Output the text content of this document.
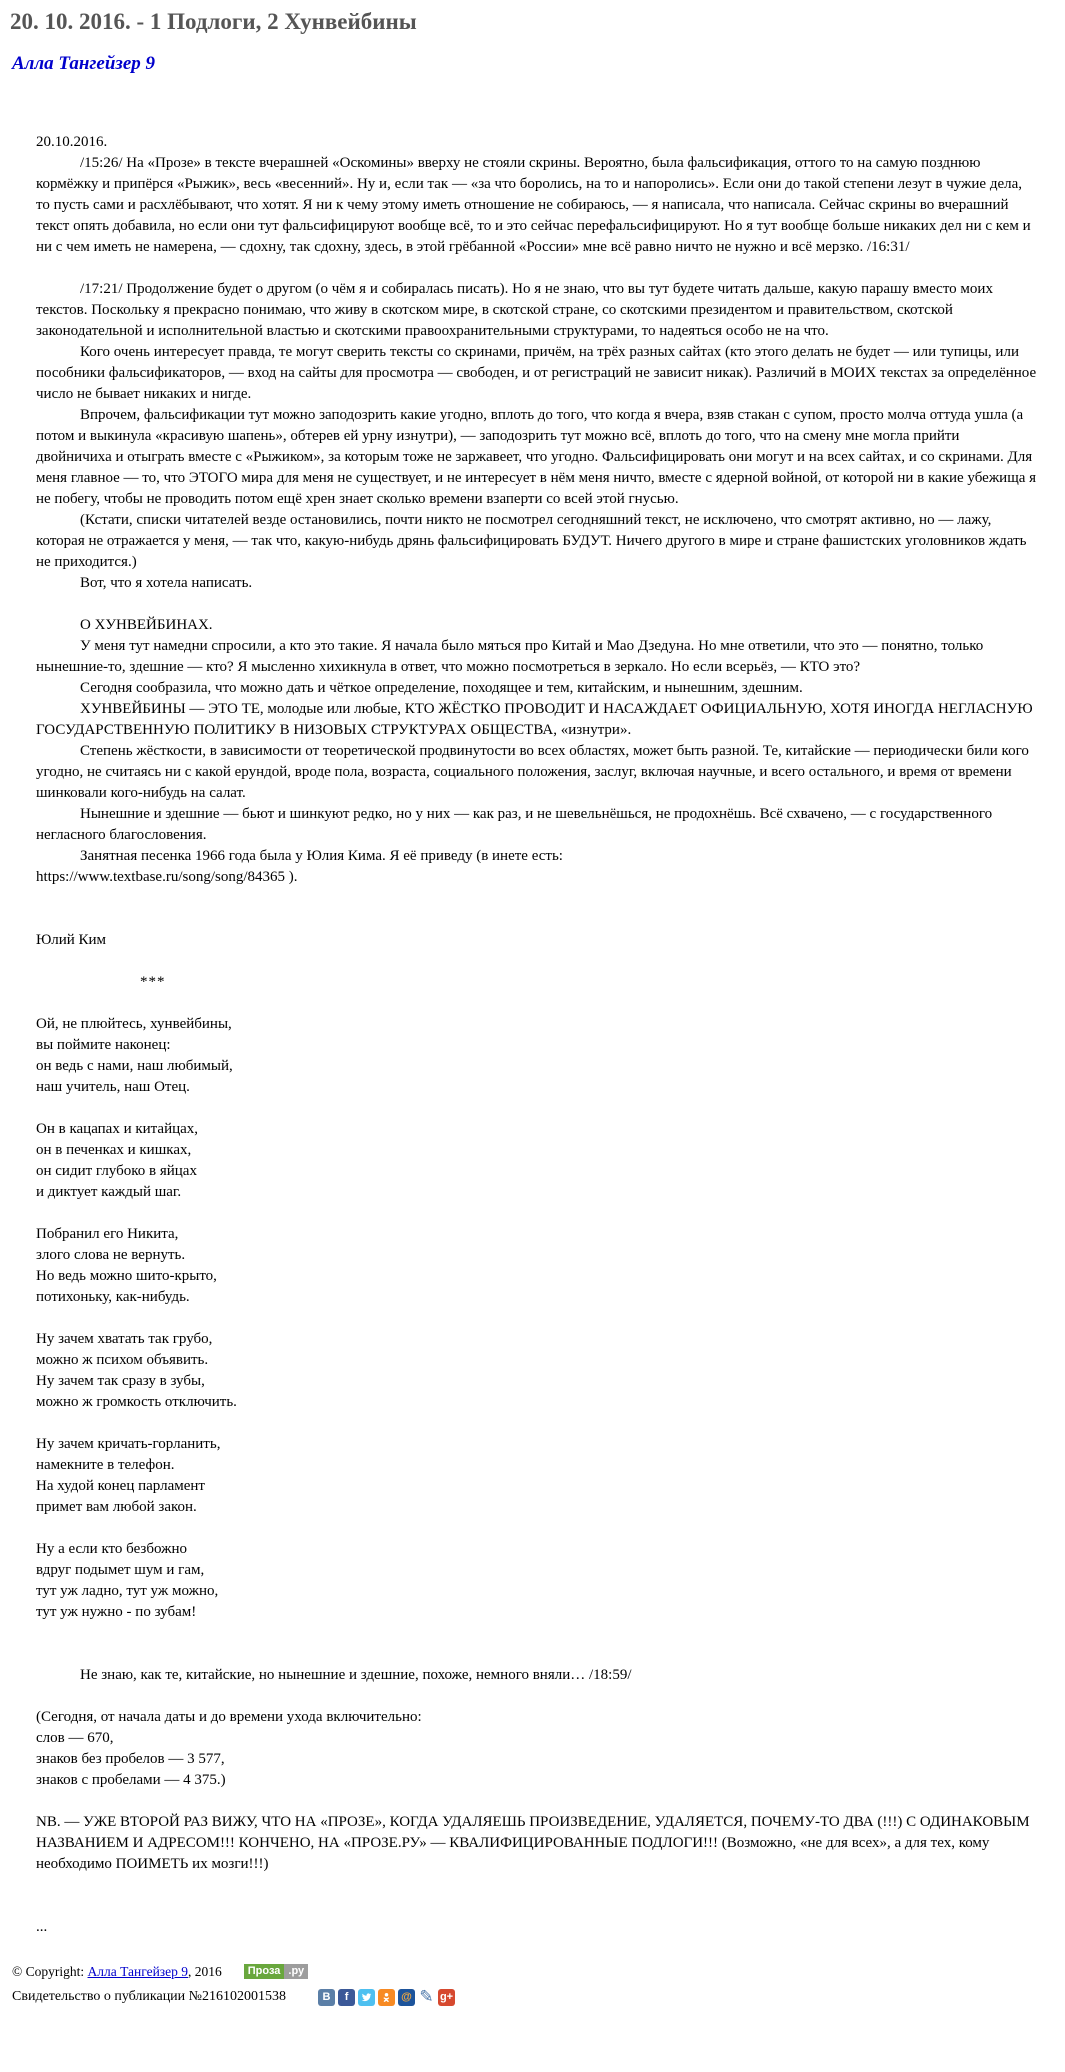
20. 10. 2016. - 1 Подлоги, 2 Хунвейбины
Алла Тангейзер 9
20.10.2016.
/15:26/ На «Прозе» в тексте вчерашней «Оскомины» вверху не стояли скрины. Вероятно, была фальсификация, оттого то на самую позднюю кормёжку и припёрся «Рыжик», весь «весенний». Ну и, если так — «за что боролись, на то и напоролись». Если они до такой степени лезут в чужие дела, то пусть сами и расхлёбывают, что хотят. Я ни к чему этому иметь отношение не собираюсь, — я написала, что написала. Сейчас скрины во вчерашний текст опять добавила, но если они тут фальсифицируют вообще всё, то и это сейчас перефальсифицируют. Но я тут вообще больше никаких дел ни с кем и ни с чем иметь не намерена, — сдохну, так сдохну, здесь, в этой грёбанной «России» мне всё равно ничто не нужно и всё мерзко. /16:31/

/17:21/ Продолжение будет о другом (о чём я и собиралась писать). Но я не знаю, что вы тут будете читать дальше, какую парашу вместо моих текстов. Поскольку я прекрасно понимаю, что живу в скотском мире, в скотской стране, со скотскими президентом и правительством, скотской законодательной и исполнительной властью и скотскими правоохранительными структурами, то надеяться особо не на что.
Кого очень интересует правда, те могут сверить тексты со скринами, причём, на трёх разных сайтах (кто этого делать не будет — или тупицы, или пособники фальсификаторов, — вход на сайты для просмотра — свободен, и от регистраций не зависит никак). Различий в МОИХ текстах за определённое число не бывает никаких и нигде.
Впрочем, фальсификации тут можно заподозрить какие угодно, вплоть до того, что когда я вчера, взяв стакан с супом, просто молча оттуда ушла (а потом и выкинула «красивую шапень», обтерев ей урну изнутри), — заподозрить тут можно всё, вплоть до того, что на смену мне могла прийти двойничиха и отыграть вместе с «Рыжиком», за которым тоже не заржавеет, что угодно. Фальсифицировать они могут и на всех сайтах, и со скринами. Для меня главное — то, что ЭТОГО мира для меня не существует, и не интересует в нём меня ничто, вместе с ядерной войной, от которой ни в какие убежища я не побегу, чтобы не проводить потом ещё хрен знает сколько времени взаперти со всей этой гнусью.
(Кстати, списки читателей везде остановились, почти никто не посмотрел сегодняшний текст, не исключено, что смотрят активно, но — лажу, которая не отражается у меня, — так что, какую-нибудь дрянь фальсифицировать БУДУТ. Ничего другого в мире и стране фашистских уголовников ждать не приходится.)
Вот, что я хотела написать.

О ХУНВЕЙБИНАХ.
У меня тут намедни спросили, а кто это такие. Я начала было мяться про Китай и Мао Дзедуна. Но мне ответили, что это — понятно, только нынешние-то, здешние — кто? Я мысленно хихикнула в ответ, что можно посмотреться в зеркало. Но если всерьёз, — КТО это?
Сегодня сообразила, что можно дать и чёткое определение, походящее и тем, китайским, и нынешним, здешним.
ХУНВЕЙБИНЫ — ЭТО ТЕ, молодые или любые, КТО ЖЁСТКО ПРОВОДИТ И НАСАЖДАЕТ ОФИЦИАЛЬНУЮ, ХОТЯ ИНОГДА НЕГЛАСНУЮ ГОСУДАРСТВЕННУЮ ПОЛИТИКУ В НИЗОВЫХ СТРУКТУРАХ ОБЩЕСТВА, «изнутри».
Степень жёсткости, в зависимости от теоретической продвинутости во всех областях, может быть разной. Те, китайские — периодически били кого угодно, не считаясь ни с какой ерундой, вроде пола, возраста, социального положения, заслуг, включая научные, и всего остального, и время от времени шинковали кого-нибудь на салат.
Нынешние и здешние — бьют и шинкуют редко, но у них — как раз, и не шевельнёшься, не продохнёшь. Всё схвачено, — с государственного негласного благословения.
Занятная песенка 1966 года была у Юлия Кима. Я её приведу (в инете есть:
https://www.textbase.ru/song/song/84365 ).

Юлий Ким

***

Ой, не плюйтесь, хунвейбины,
вы поймите наконец:
он ведь с нами, наш любимый,
наш учитель, наш Отец.

Он в кацапах и китайцах,
он в печенках и кишках,
он сидит глубоко в яйцах
и диктует каждый шаг.

Побранил его Никита,
злого слова не вернуть.
Но ведь можно шито-крыто,
потихоньку, как-нибудь.

Ну зачем хватать так грубо,
можно ж психом объявить.
Ну зачем так сразу в зубы,
можно ж громкость отключить.

Ну зачем кричать-горланить,
намекните в телефон.
На худой конец парламент
примет вам любой закон.

Ну а если кто безбожно
вдруг подымет шум и гам,
тут уж ладно, тут уж можно,
тут уж нужно - по зубам!

Не знаю, как те, китайские, но нынешние и здешние, похоже, немного вняли… /18:59/

(Сегодня, от начала даты и до времени ухода включительно:
слов — 670,
знаков без пробелов — 3 577,
знаков с пробелами — 4 375.)

NB. — УЖЕ ВТОРОЙ РАЗ ВИЖУ, ЧТО НА «ПРОЗЕ», КОГДА УДАЛЯЕШЬ ПРОИЗВЕДЕНИЕ, УДАЛЯЕТСЯ, ПОЧЕМУ-ТО ДВА (!!!) С ОДИНАКОВЫМ НАЗВАНИЕМ И АДРЕСОМ!!! КОНЧЕНО, НА «ПРОЗЕ.РУ» — КВАЛИФИЦИРОВАННЫЕ ПОДЛОГИ!!! (Возможно, «не для всех», а для тех, кому необходимо ПОИМЕТЬ их мозги!!!)

...
© Copyright: Алла Тангейзер 9 , 2016	Проза .ру
Свидетельство о публикации №216102001538	В	f	@ ✎ g+
